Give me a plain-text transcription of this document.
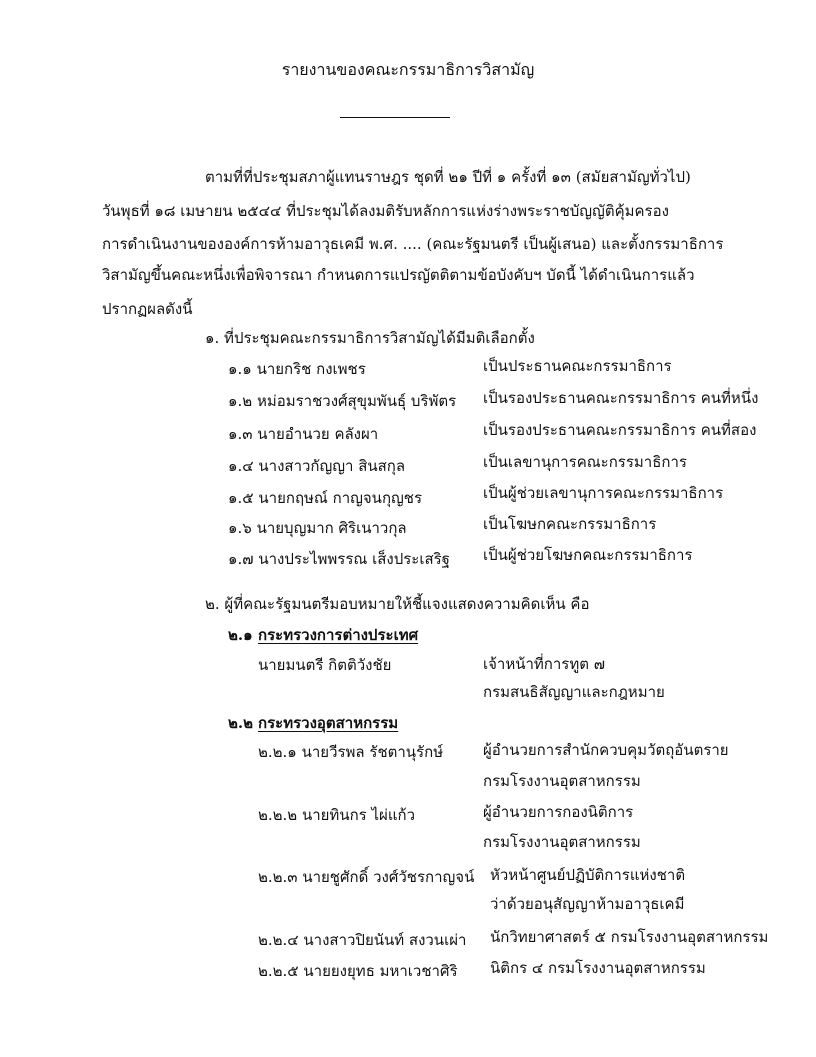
รายงานของคณะกรรมาธิการวิสามัญ
ตามที่ที่ประชุมสภาผู้แทนราษฎร ชุดที่ ๒๑ ปีที่ ๑ ครั้งที่ ๑๓ (สมัยสามัญทั่วไป)
วันพุธที่ ๑๘ เมษายน ๒๕๔๔ ที่ประชุมได้ลงมติรับหลักการแห่งร่างพระราชบัญญัติคุ้มครอง
การดำเนินงานขององค์การห้ามอาวุธเคมี พ.ศ. .... (คณะรัฐมนตรี เป็นผู้เสนอ) และตั้งกรรมาธิการ
วิสามัญขึ้นคณะหนึ่งเพื่อพิจารณา กำหนดการแปรญัตติตามข้อบังคับฯ บัดนี้ ได้ดำเนินการแล้ว
ปรากฏผลดังนี้
๑. ที่ประชุมคณะกรรมาธิการวิสามัญได้มีมติเลือกตั้ง
๑.๑ นายกริช กงเพชร	เป็นประธานคณะกรรมาธิการ
๑.๒ หม่อมราชวงศ์สุขุมพันธุ์ บริพัตร เป็นรองประธานคณะกรรมาธิการ คนที่หนึ่ง
๑.๓ นายอำนวย คลังผา	เป็นรองประธานคณะกรรมาธิการ คนที่สอง
๑.๔ นางสาวกัญญา สินสกุล	เป็นเลขานุการคณะกรรมาธิการ
๑.๕ นายกฤษณ์ กาญจนกุญชร	เป็นผู้ช่วยเลขานุการคณะกรรมาธิการ
๑.๖ นายบุญมาก ศิริเนาวกุล	เป็นโฆษกคณะกรรมาธิการ
๑.๗ นางประไพพรรณ เส็งประเสริฐ เป็นผู้ช่วยโฆษกคณะกรรมาธิการ
๒. ผู้ที่คณะรัฐมนตรีมอบหมายให้ชี้แจงแสดงความคิดเห็น คือ
๒.๑ กระทรวงการต่างประเทศ
นายมนตรี กิตติวังชัย	เจ้าหน้าที่การทูต ๗
กรมสนธิสัญญาและกฎหมาย
๒.๒ กระทรวงอุตสาหกรรม
๒.๒.๑ นายวีรพล รัชตานุรักษ์	ผู้อำนวยการสำนักควบคุมวัตถุอันตราย
กรมโรงงานอุตสาหกรรม
๒.๒.๒ นายทินกร ไผ่แก้ว	ผู้อำนวยการกองนิติการ
กรมโรงงานอุตสาหกรรม
๒.๒.๓ นายชูศักดิ์ วงศ์วัชรกาญจน์ หัวหน้าศูนย์ปฏิบัติการแห่งชาติ
ว่าด้วยอนุสัญญาห้ามอาวุธเคมี
๒.๒.๔ นางสาวปิยนันท์ สงวนเผ่า นักวิทยาศาสตร์ ๕ กรมโรงงานอุตสาหกรรม
๒.๒.๕ นายยงยุทธ มหาเวชาศิริ นิติกร ๔ กรมโรงงานอุตสาหกรรม
